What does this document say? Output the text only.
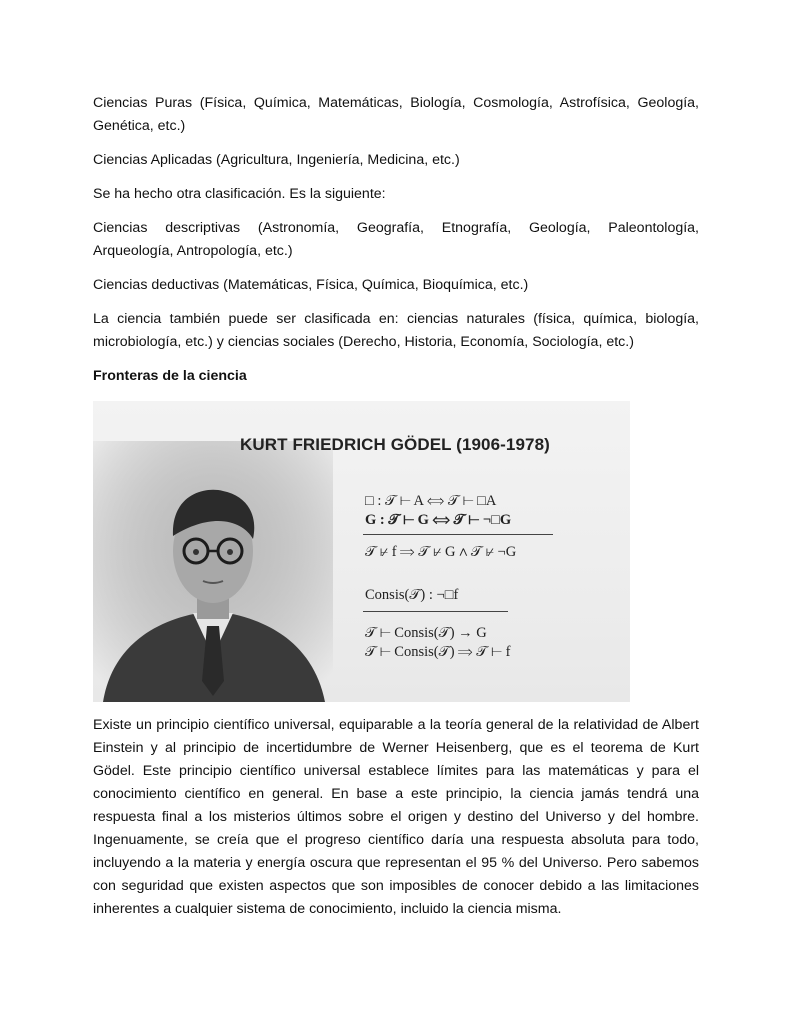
Ciencias Puras (Física, Química, Matemáticas, Biología, Cosmología, Astrofísica, Geología, Genética, etc.)

Ciencias Aplicadas (Agricultura, Ingeniería, Medicina, etc.)

Se ha hecho otra clasificación. Es la siguiente:

Ciencias descriptivas (Astronomía, Geografía, Etnografía, Geología, Paleontología, Arqueología, Antropología, etc.)

Ciencias deductivas (Matemáticas, Física, Química, Bioquímica, etc.)

La ciencia también puede ser clasificada en: ciencias naturales (física, química, biología, microbiología, etc.) y ciencias sociales (Derecho, Historia, Economía, Sociología, etc.)

Fronteras de la ciencia

KURT FRIEDRICH GÖDEL (1906-1978)
□ : 𝒯 ⊢ A ⟺ 𝒯 ⊢ □A
G : 𝒯 ⊢ G ⟺ 𝒯 ⊢ ¬□G
𝒯 ⊬ f ⟹ 𝒯 ⊬ G ∧ 𝒯 ⊬ ¬G
Consis(𝒯) : ¬□f
𝒯 ⊢ Consis(𝒯) → G
𝒯 ⊢ Consis(𝒯) ⟹ 𝒯 ⊢ f

Existe un principio científico universal, equiparable a la teoría general de la relatividad de Albert Einstein y al principio de incertidumbre de Werner Heisenberg, que es el teorema de Kurt Gödel. Este principio científico universal establece límites para las matemáticas y para el conocimiento científico en general. En base a este principio, la ciencia jamás tendrá una respuesta final a los misterios últimos sobre el origen y destino del Universo y del hombre. Ingenuamente, se creía que el progreso científico daría una respuesta absoluta para todo, incluyendo a la materia y energía oscura que representan el 95 % del Universo. Pero sabemos con seguridad que existen aspectos que son imposibles de conocer debido a las limitaciones inherentes a cualquier sistema de conocimiento, incluido la ciencia misma.
